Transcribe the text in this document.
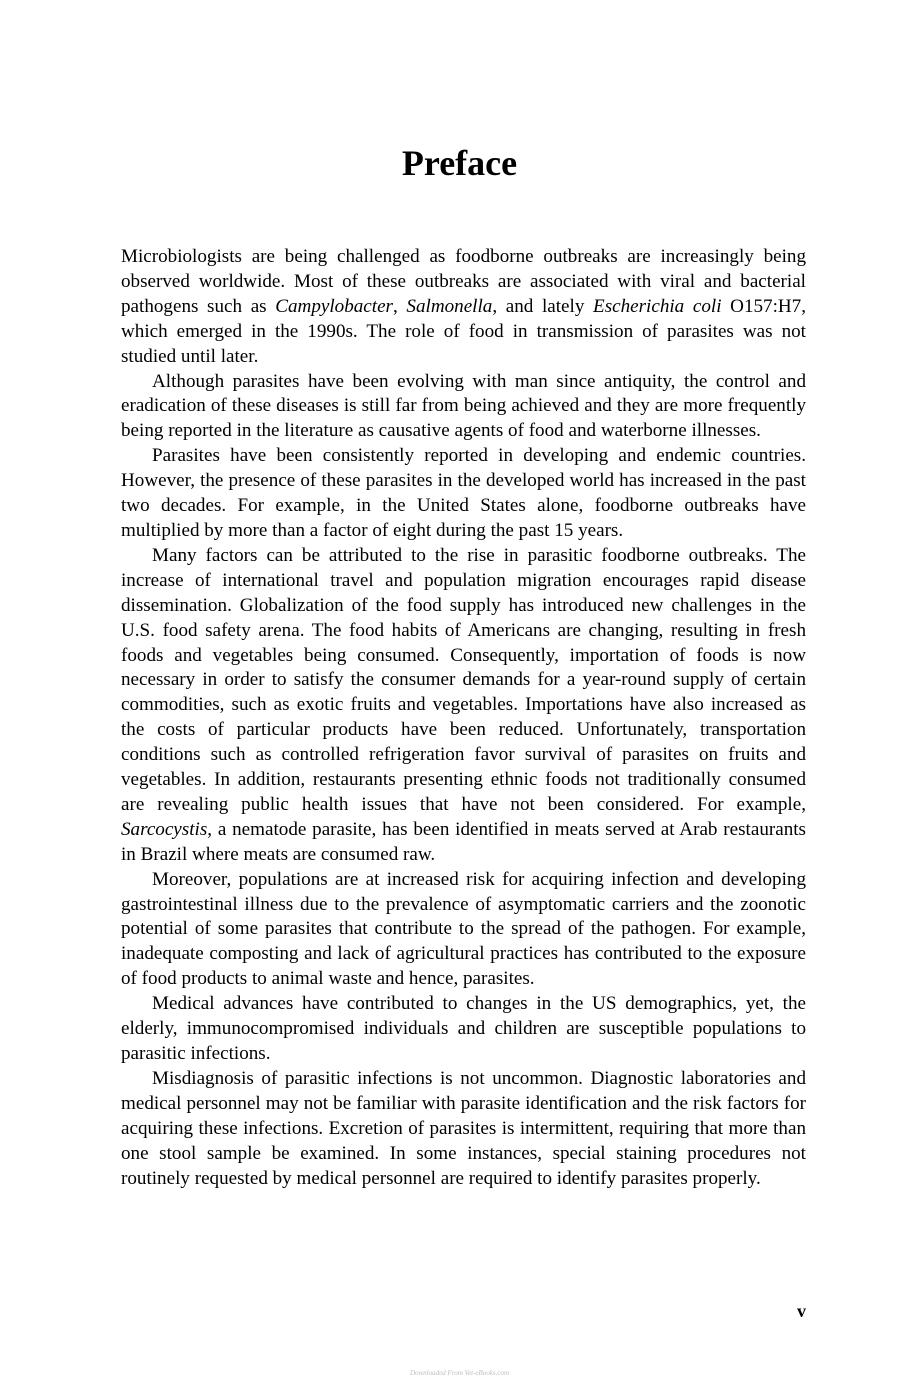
Preface

Microbiologists are being challenged as foodborne outbreaks are increasingly being observed worldwide. Most of these outbreaks are associated with viral and bacterial pathogens such as Campylobacter, Salmonella, and lately Escherichia coli O157:H7, which emerged in the 1990s. The role of food in transmission of parasites was not studied until later.

Although parasites have been evolving with man since antiquity, the control and eradication of these diseases is still far from being achieved and they are more frequently being reported in the literature as causative agents of food and waterborne illnesses.

Parasites have been consistently reported in developing and endemic countries. However, the presence of these parasites in the developed world has increased in the past two decades. For example, in the United States alone, foodborne outbreaks have multiplied by more than a factor of eight during the past 15 years.

Many factors can be attributed to the rise in parasitic foodborne outbreaks. The increase of international travel and population migration encourages rapid disease dissemination. Globalization of the food supply has introduced new challenges in the U.S. food safety arena. The food habits of Americans are changing, resulting in fresh foods and vegetables being consumed. Consequently, importation of foods is now necessary in order to satisfy the consumer demands for a year-round supply of certain commodities, such as exotic fruits and vegetables. Importations have also increased as the costs of particular products have been reduced. Unfortunately, transportation conditions such as controlled refrigeration favor survival of parasites on fruits and vegetables. In addition, restaurants presenting ethnic foods not traditionally consumed are revealing public health issues that have not been considered. For example, Sarcocystis, a nematode parasite, has been identified in meats served at Arab restaurants in Brazil where meats are consumed raw.

Moreover, populations are at increased risk for acquiring infection and developing gastrointestinal illness due to the prevalence of asymptomatic carriers and the zoonotic potential of some parasites that contribute to the spread of the pathogen. For example, inadequate composting and lack of agricultural practices has contributed to the exposure of food products to animal waste and hence, parasites.

Medical advances have contributed to changes in the US demographics, yet, the elderly, immunocompromised individuals and children are susceptible populations to parasitic infections.

Misdiagnosis of parasitic infections is not uncommon. Diagnostic laboratories and medical personnel may not be familiar with parasite identification and the risk factors for acquiring these infections. Excretion of parasites is intermittent, requiring that more than one stool sample be examined. In some instances, special staining procedures not routinely requested by medical personnel are required to identify parasites properly.

v
Downloaded From Vet-eBooks.com
